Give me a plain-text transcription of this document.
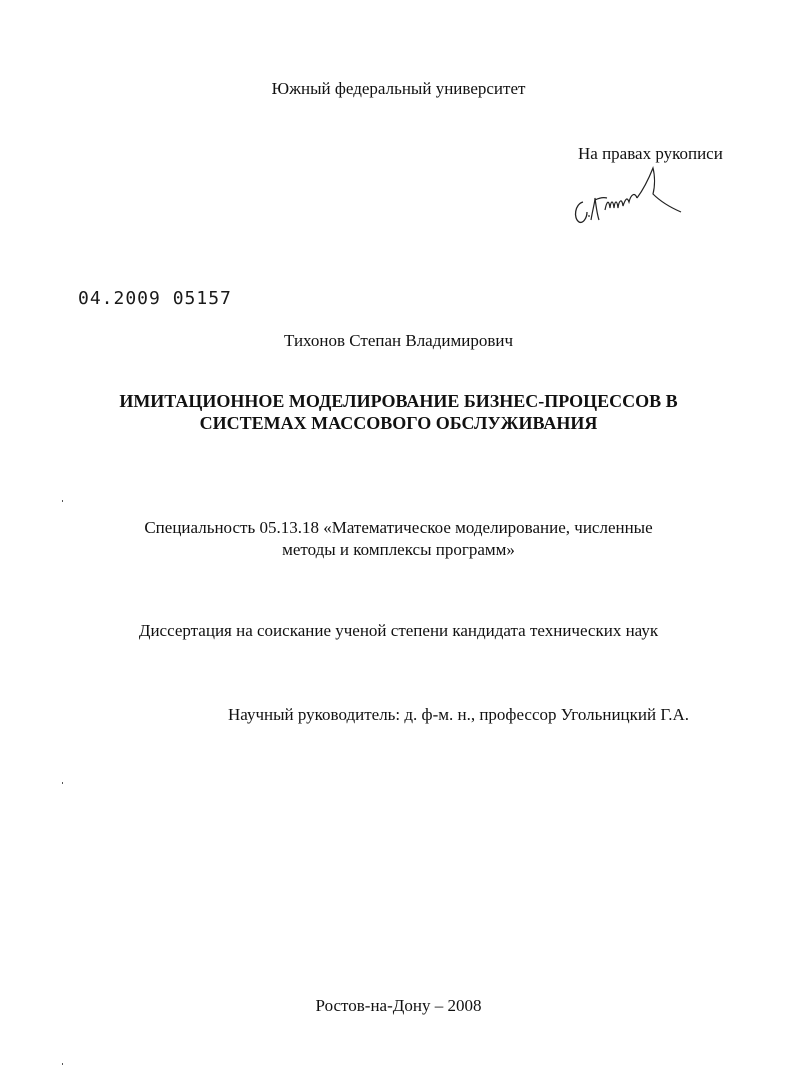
Южный федеральный университет
На правах рукописи
04.2009 05157
Тихонов Степан Владимирович
ИМИТАЦИОННОЕ МОДЕЛИРОВАНИЕ БИЗНЕС-ПРОЦЕССОВ В
СИСТЕМАХ МАССОВОГО ОБСЛУЖИВАНИЯ
Специальность 05.13.18 «Математическое моделирование, численные
методы и комплексы программ»
Диссертация на соискание ученой степени кандидата технических наук
Научный руководитель: д. ф-м. н., профессор Угольницкий Г.А.
Ростов-на-Дону – 2008
